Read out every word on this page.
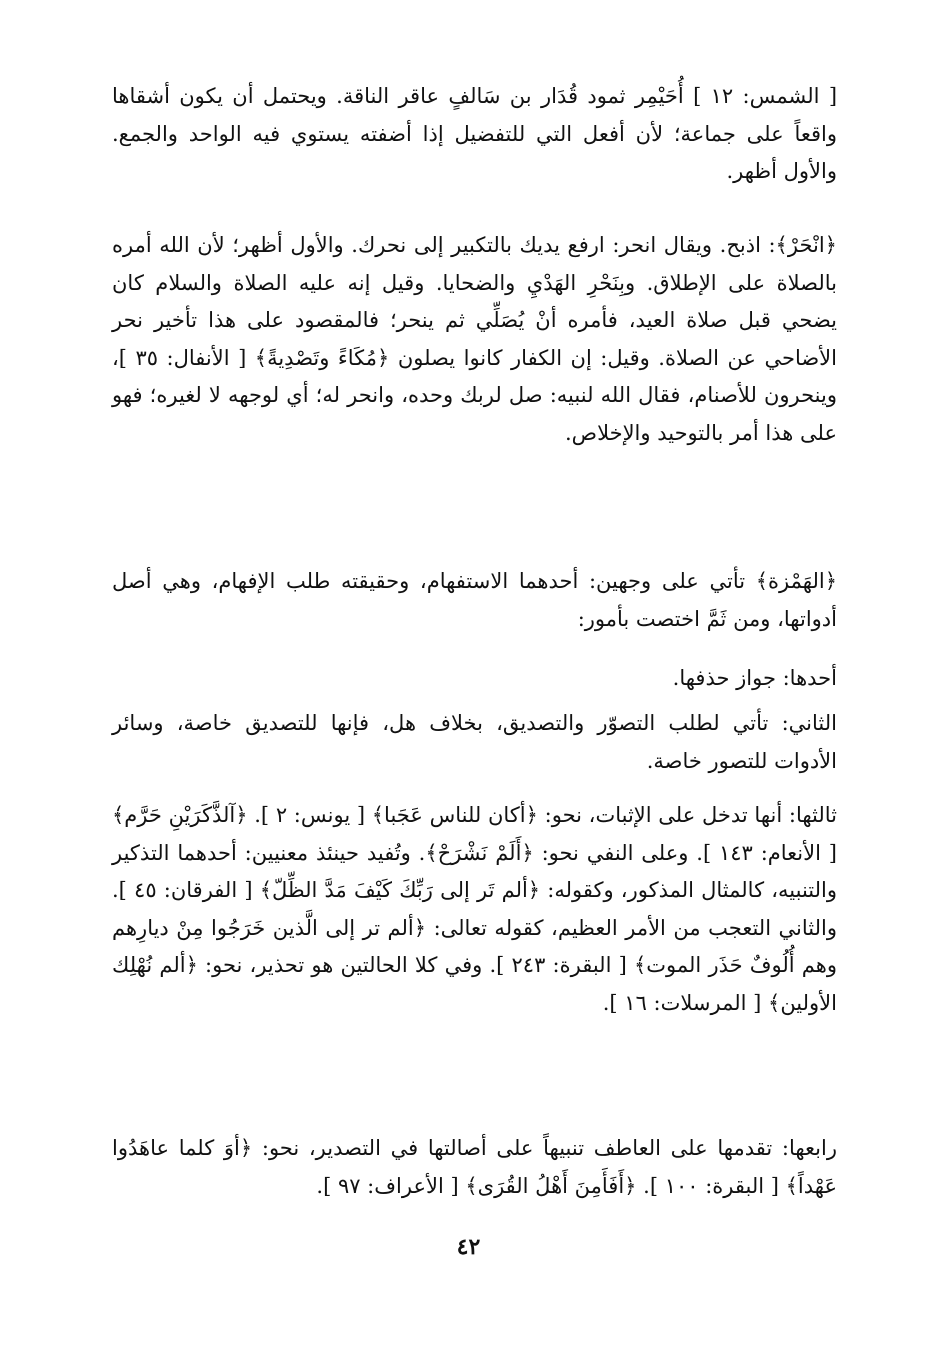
[ الشمس: ١٢ ] أُحَيْمِر ثمود قُدَار بن سَالفٍ عاقر الناقة. ويحتمل أن يكون أشقاها واقعاً على جماعة؛ لأن أفعل التي للتفضيل إذا أضفته يستوي فيه الواحد والجمع. والأول أظهر.

﴿انْحَرْ﴾: اذبح. ويقال انحر: ارفع يديك بالتكبير إلى نحرك. والأول أظهر؛ لأن الله أمره بالصلاة على الإطلاق. وبِنَحْرِ الهَدْيِ والضحايا. وقيل إنه عليه الصلاة والسلام كان يضحي قبل صلاة العيد، فأمره أنْ يُصَلِّي ثم ينحر؛ فالمقصود على هذا تأخير نحر الأضاحي عن الصلاة. وقيل: إن الكفار كانوا يصلون ﴿مُكَاءً وتَصْدِيةً﴾ [ الأنفال: ٣٥ ]، وينحرون للأصنام، فقال الله لنبيه: صل لربك وحده، وانحر له؛ أي لوجهه لا لغيره؛ فهو على هذا أمر بالتوحيد والإخلاص.

﴿الهَمْزة﴾ تأتي على وجهين: أحدهما الاستفهام، وحقيقته طلب الإفهام، وهي أصل أدواتها، ومن ثَمَّ اختصت بأمور:

أحدها: جواز حذفها.

الثاني: تأتي لطلب التصوّر والتصديق، بخلاف هل، فإنها للتصديق خاصة، وسائر الأدوات للتصور خاصة.

ثالثها: أنها تدخل على الإثبات، نحو: ﴿أكان للناس عَجَبا﴾ [ يونس: ٢ ]. ﴿آلذَّكَرَيْنِ حَرَّم﴾ [ الأنعام: ١٤٣ ]. وعلى النفي نحو: ﴿أَلَمْ نَشْرَحْ﴾. وتُفيد حينئذ معنيين: أحدهما التذكير والتنبيه، كالمثال المذكور، وكقوله: ﴿ألم تَر إلى رَبِّكَ كَيْفَ مَدَّ الظِّلّ﴾ [ الفرقان: ٤٥ ]. والثاني التعجب من الأمر العظيم، كقوله تعالى: ﴿ألم تر إلى الَّذين خَرَجُوا مِنْ ديارِهم وهم أُلُوفٌ حَذَر الموت﴾ [ البقرة: ٢٤٣ ]. وفي كلا الحالتين هو تحذير، نحو: ﴿ألم نُهْلِك الأولين﴾ [ المرسلات: ١٦ ].

رابعها: تقدمها على العاطف تنبيهاً على أصالتها في التصدير، نحو: ﴿أوَ كلما عاهَدُوا عَهْداً﴾ [ البقرة: ١٠٠ ]. ﴿أَفَأَمِنَ أَهْلُ القُرَى﴾ [ الأعراف: ٩٧ ].

٤٢
